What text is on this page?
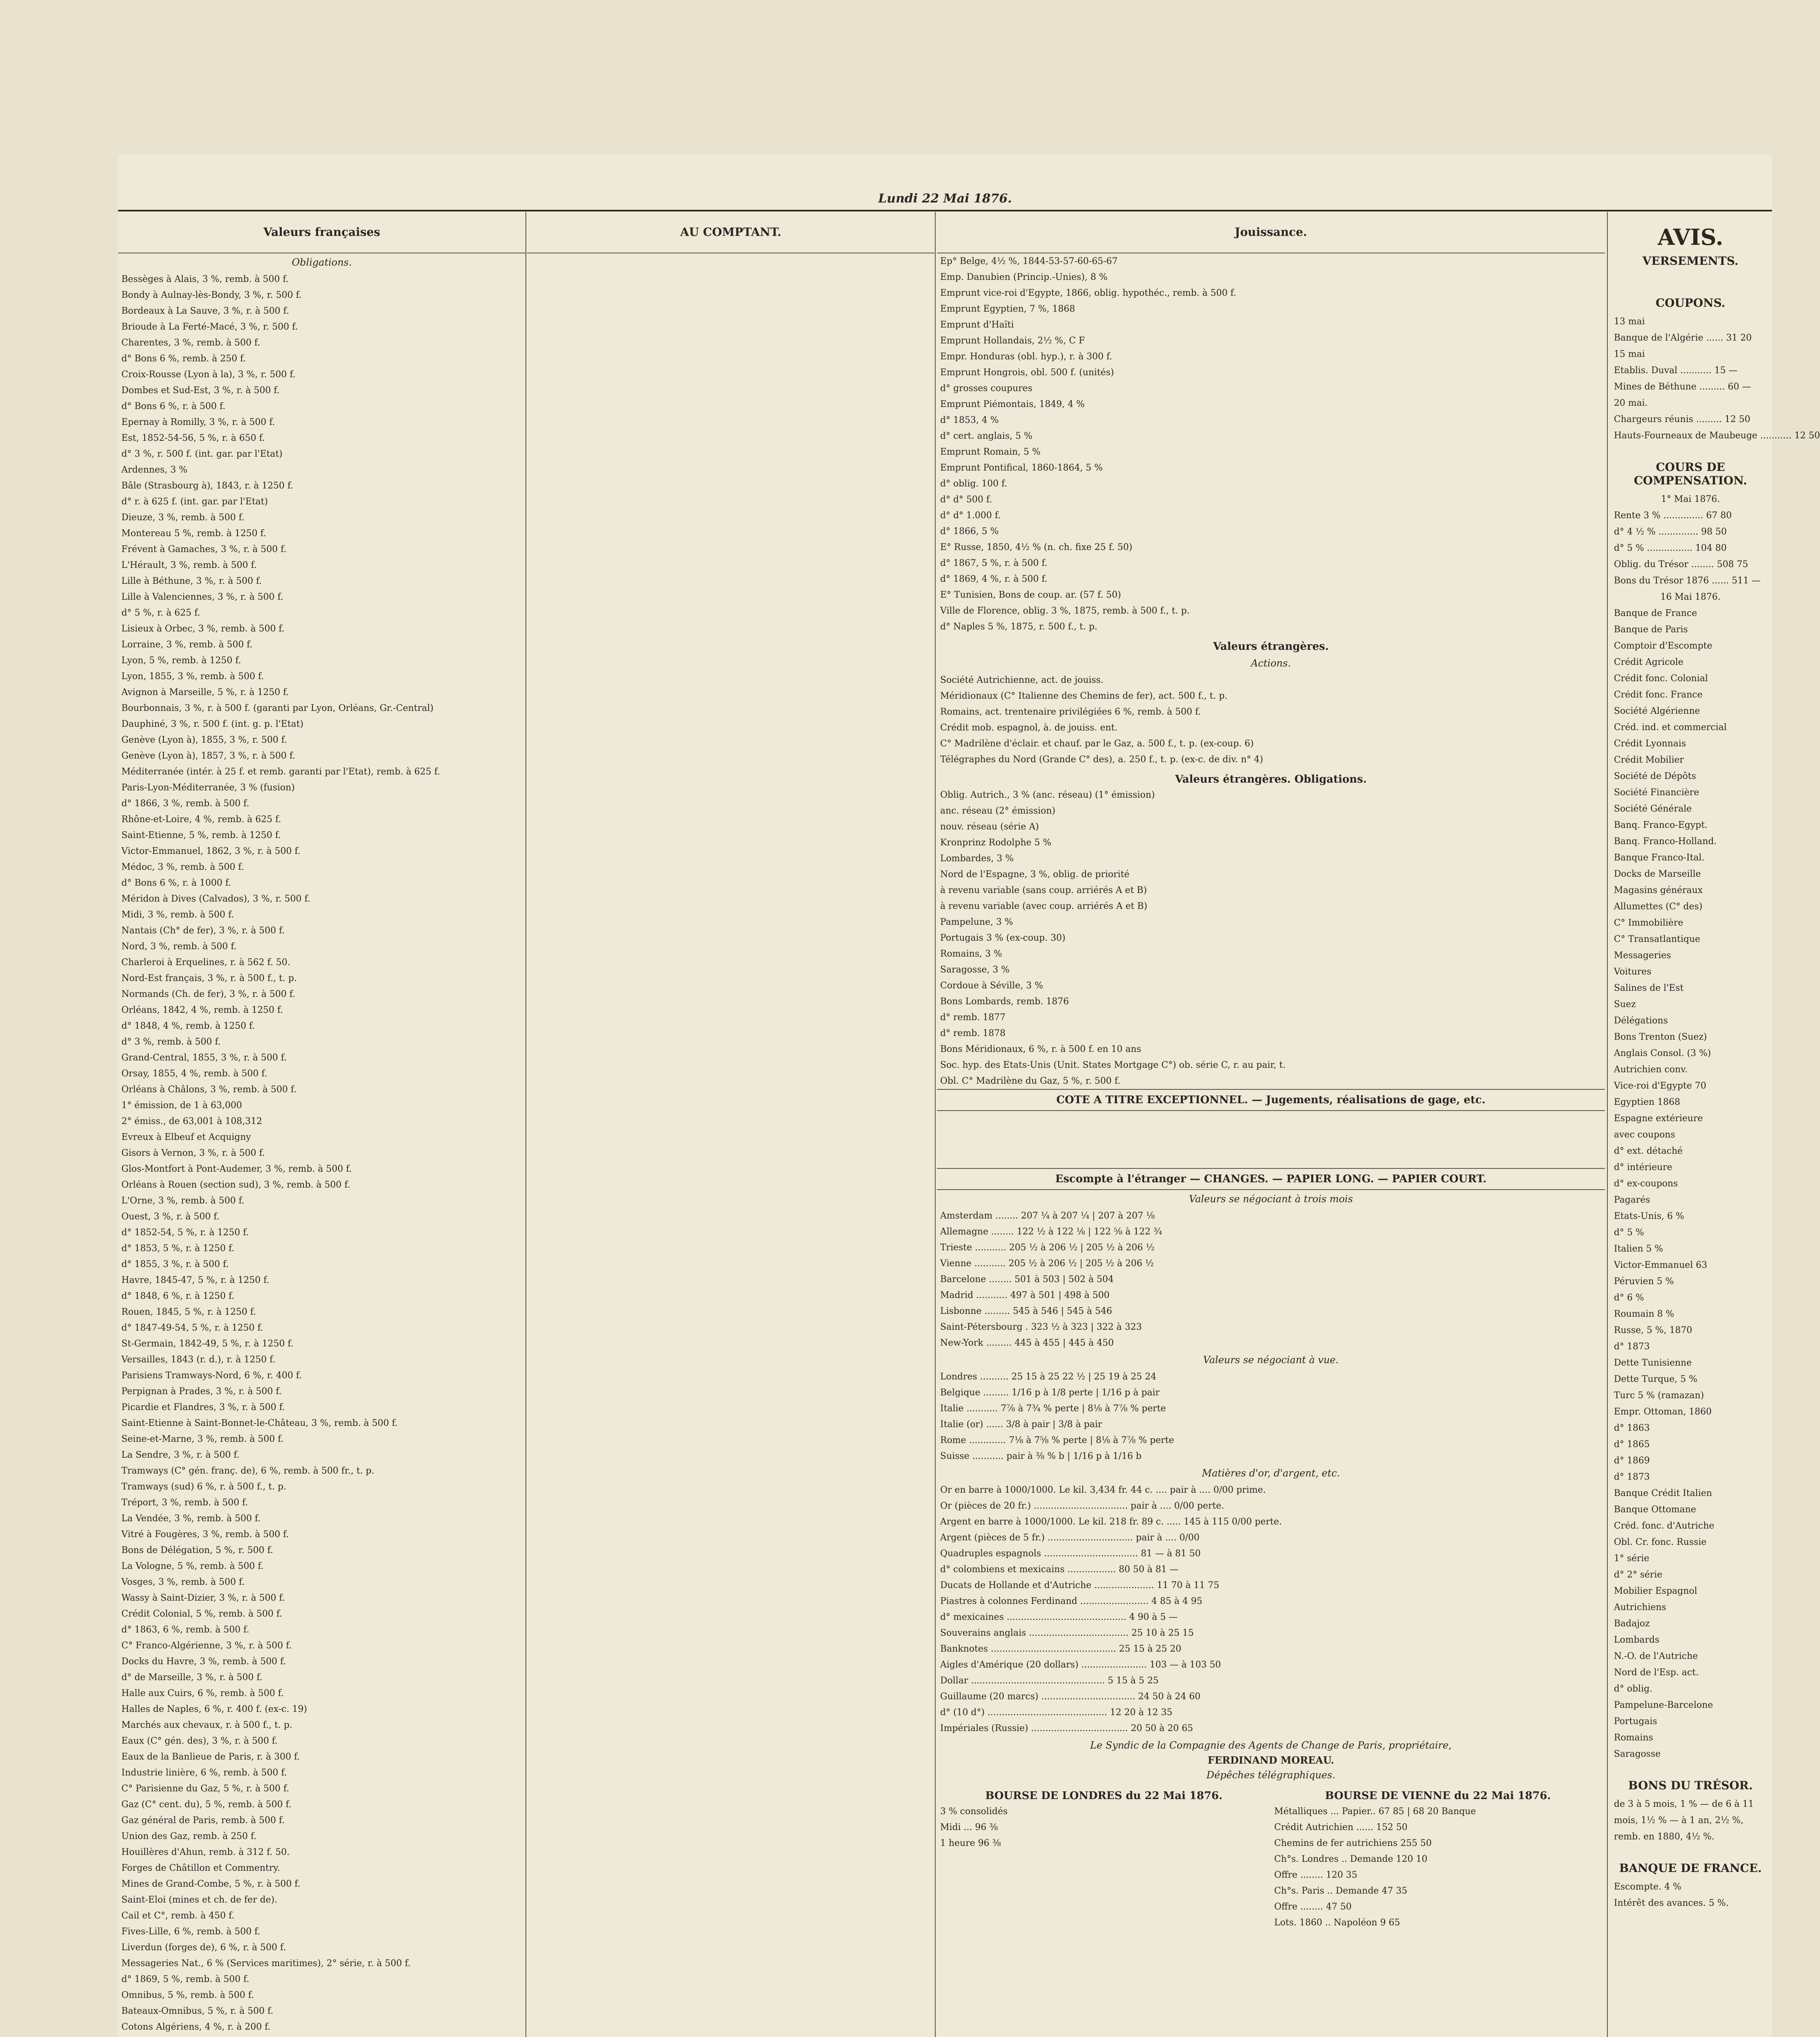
Lundi 22 Mai 1876.
Valeurs françaises
Obligations.
Bessèges à Alais, 3 %, remb. à 500 f.
Bondy à Aulnay-lès-Bondy, 3 %, r. 500 f.
Bordeaux à La Sauve, 3 %, r. à 500 f.
Brioude à La Ferté-Macé, 3 %, r. 500 f.
Charentes, 3 %, remb. à 500 f.
d° Bons 6 %, remb. à 250 f.
Croix-Rousse (Lyon à la), 3 %, r. 500 f.
Dombes et Sud-Est, 3 %, r. à 500 f.
d° Bons 6 %, r. à 500 f.
Epernay à Romilly, 3 %, r. à 500 f.
Est, 1852-54-56, 5 %, r. à 650 f.
d° 3 %, r. 500 f. (int. gar. par l'Etat)
Ardennes, 3 %
Bâle (Strasbourg à), 1843, r. à 1250 f.
d° r. à 625 f. (int. gar. par l'Etat)
Dieuze, 3 %, remb. à 500 f.
Montereau 5 %, remb. à 1250 f.
Frévent à Gamaches, 3 %, r. à 500 f.
L'Hérault, 3 %, remb. à 500 f.
Lille à Béthune, 3 %, r. à 500 f.
Lille à Valenciennes, 3 %, r. à 500 f.
d° 5 %, r. à 625 f.
Lisieux à Orbec, 3 %, remb. à 500 f.
Lorraine, 3 %, remb. à 500 f.
Lyon, 5 %, remb. à 1250 f.
Lyon, 1855, 3 %, remb. à 500 f.
Avignon à Marseille, 5 %, r. à 1250 f.
Bourbonnais, 3 %, r. à 500 f. (garanti par Lyon, Orléans, Gr.-Central)
Dauphiné, 3 %, r. 500 f. (int. g. p. l'Etat)
Genève (Lyon à), 1855, 3 %, r. 500 f.
Genève (Lyon à), 1857, 3 %, r. à 500 f.
Méditerranée (intér. à 25 f. et remb. garanti par l'Etat), remb. à 625 f.
Paris-Lyon-Méditerranée, 3 % (fusion)
d° 1866, 3 %, remb. à 500 f.
Rhône-et-Loire, 4 %, remb. à 625 f.
Saint-Etienne, 5 %, remb. à 1250 f.
Victor-Emmanuel, 1862, 3 %, r. à 500 f.
Médoc, 3 %, remb. à 500 f.
d° Bons 6 %, r. à 1000 f.
Méridon à Dives (Calvados), 3 %, r. 500 f.
Midi, 3 %, remb. à 500 f.
Nantais (Ch° de fer), 3 %, r. à 500 f.
Nord, 3 %, remb. à 500 f.
Charleroi à Erquelines, r. à 562 f. 50.
Nord-Est français, 3 %, r. à 500 f., t. p.
Normands (Ch. de fer), 3 %, r. à 500 f.
Orléans, 1842, 4 %, remb. à 1250 f.
d° 1848, 4 %, remb. à 1250 f.
d° 3 %, remb. à 500 f.
Grand-Central, 1855, 3 %, r. à 500 f.
Orsay, 1855, 4 %, remb. à 500 f.
Orléans à Châlons, 3 %, remb. à 500 f.
1° émission, de 1 à 63,000
2° émiss., de 63,001 à 108,312
Evreux à Elbeuf et Acquigny
Gisors à Vernon, 3 %, r. à 500 f.
Glos-Montfort à Pont-Audemer, 3 %, remb. à 500 f.
Orléans à Rouen (section sud), 3 %, remb. à 500 f.
L'Orne, 3 %, remb. à 500 f.
Ouest, 3 %, r. à 500 f.
d° 1852-54, 5 %, r. à 1250 f.
d° 1853, 5 %, r. à 1250 f.
d° 1855, 3 %, r. à 500 f.
Havre, 1845-47, 5 %, r. à 1250 f.
d° 1848, 6 %, r. à 1250 f.
Rouen, 1845, 5 %, r. à 1250 f.
d° 1847-49-54, 5 %, r. à 1250 f.
St-Germain, 1842-49, 5 %, r. à 1250 f.
Versailles, 1843 (r. d.), r. à 1250 f.
Parisiens Tramways-Nord, 6 %, r. 400 f.
Perpignan à Prades, 3 %, r. à 500 f.
Picardie et Flandres, 3 %, r. à 500 f.
Saint-Etienne à Saint-Bonnet-le-Château, 3 %, remb. à 500 f.
Seine-et-Marne, 3 %, remb. à 500 f.
La Sendre, 3 %, r. à 500 f.
Tramways (C° gén. franç. de), 6 %, remb. à 500 fr., t. p.
Tramways (sud) 6 %, r. à 500 f., t. p.
Tréport, 3 %, remb. à 500 f.
La Vendée, 3 %, remb. à 500 f.
Vitré à Fougères, 3 %, remb. à 500 f.
Bons de Délégation, 5 %, r. 500 f.
La Vologne, 5 %, remb. à 500 f.
Vosges, 3 %, remb. à 500 f.
Wassy à Saint-Dizier, 3 %, r. à 500 f.
Crédit Colonial, 5 %, remb. à 500 f.
d° 1863, 6 %, remb. à 500 f.
C° Franco-Algérienne, 3 %, r. à 500 f.
Docks du Havre, 3 %, remb. à 500 f.
d° de Marseille, 3 %, r. à 500 f.
Halle aux Cuirs, 6 %, remb. à 500 f.
Halles de Naples, 6 %, r. 400 f. (ex-c. 19)
Marchés aux chevaux, r. à 500 f., t. p.
Eaux (C° gén. des), 3 %, r. à 500 f.
Eaux de la Banlieue de Paris, r. à 300 f.
Industrie linière, 6 %, remb. à 500 f.
C° Parisienne du Gaz, 5 %, r. à 500 f.
Gaz (C° cent. du), 5 %, remb. à 500 f.
Gaz général de Paris, remb. à 500 f.
Union des Gaz, remb. à 250 f.
Houillères d'Ahun, remb. à 312 f. 50.
Forges de Châtillon et Commentry.
Mines de Grand-Combe, 5 %, r. à 500 f.
Saint-Eloi (mines et ch. de fer de).
Cail et C°, remb. à 450 f.
Fives-Lille, 6 %, remb. à 500 f.
Liverdun (forges de), 6 %, r. à 500 f.
Messageries Nat., 6 % (Services maritimes), 2° série, r. à 500 f.
d° 1869, 5 %, remb. à 500 f.
Omnibus, 5 %, remb. à 500 f.
Bateaux-Omnibus, 5 %, r. à 500 f.
Cotons Algériens, 4 %, r. à 200 f.
AU COMPTANT.	Jouissance.
Ep° Belge, 4½ %, 1844-53-57-60-65-67
Emp. Danubien (Princip.-Unies), 8 %
Emprunt vice-roi d'Egypte, 1866, oblig. hypothéc., remb. à 500 f.
Emprunt Egyptien, 7 %, 1868
Emprunt d'Haïti
Emprunt Hollandais, 2½ %, C F
Empr. Honduras (obl. hyp.), r. à 300 f.
Emprunt Hongrois, obl. 500 f. (unités)
d° grosses coupures
Emprunt Piémontais, 1849, 4 %
d° 1853, 4 %
d° cert. anglais, 5 %
Emprunt Romain, 5 %
Emprunt Pontifical, 1860-1864, 5 %
d° oblig. 100 f.
d° d° 500 f.
d° d° 1.000 f.
d° 1866, 5 %
E° Russe, 1850, 4½ % (n. ch. fixe 25 f. 50)
d° 1867, 5 %, r. à 500 f.
d° 1869, 4 %, r. à 500 f.
E° Tunisien, Bons de coup. ar. (57 f. 50)
Ville de Florence, oblig. 3 %, 1875, remb. à 500 f., t. p.
d° Naples 5 %, 1875, r. 500 f., t. p.
Valeurs étrangères.
Actions.
Société Autrichienne, act. de jouiss.
Méridionaux (C° Italienne des Chemins de fer), act. 500 f., t. p.
Romains, act. trentenaire privilégiées 6 %, remb. à 500 f.
Crédit mob. espagnol, à. de jouiss. ent.
C° Madrilène d'éclair. et chauf. par le Gaz, a. 500 f., t. p. (ex-coup. 6)
Télégraphes du Nord (Grande C° des), a. 250 f., t. p. (ex-c. de div. n° 4)
Valeurs étrangères. Obligations.
Oblig. Autrich., 3 % (anc. réseau) (1° émission)
anc. réseau (2° émission)
nouv. réseau (série A)
Kronprinz Rodolphe 5 %
Lombardes, 3 %
Nord de l'Espagne, 3 %, oblig. de priorité
à revenu variable (sans coup. arriérés A et B)
à revenu variable (avec coup. arriérés A et B)
Pampelune, 3 %
Portugais 3 % (ex-coup. 30)
Romains, 3 %
Saragosse, 3 %
Cordoue à Séville, 3 %
Bons Lombards, remb. 1876
d° remb. 1877
d° remb. 1878
Bons Méridionaux, 6 %, r. à 500 f. en 10 ans
Soc. hyp. des Etats-Unis (Unit. States Mortgage C°) ob. série C, r. au pair, t.
Obl. C° Madrilène du Gaz, 5 %, r. 500 f.
COTE A TITRE EXCEPTIONNEL. — Jugements, réalisations de gage, etc.
Escompte à l'étranger — CHANGES. — PAPIER LONG. — PAPIER COURT.
Valeurs se négociant à trois mois
Amsterdam ........ 207 ¼ à 207 ¼ | 207 à 207 ⅛
Allemagne ........ 122 ½ à 122 ⅛ | 122 ⅝ à 122 ¾
Trieste ........... 205 ½ à 206 ½ | 205 ½ à 206 ½
Vienne ........... 205 ½ à 206 ½ | 205 ½ à 206 ½
Barcelone ........ 501 à 503 | 502 à 504
Madrid ........... 497 à 501 | 498 à 500
Lisbonne ......... 545 à 546 | 545 à 546
Saint-Pétersbourg . 323 ½ à 323 | 322 à 323
New-York ......... 445 à 455 | 445 à 450
Valeurs se négociant à vue.
Londres .......... 25 15 à 25 22 ½ | 25 19 à 25 24
Belgique ......... 1/16 p à 1/8 perte | 1/16 p à pair
Italie ........... 7⅞ à 7¾ % perte | 8⅛ à 7⅞ % perte
Italie (or) ...... 3/8 à pair | 3/8 à pair
Rome ............. 7⅛ à 7⅝ % perte | 8⅛ à 7⅞ % perte
Suisse ........... pair à ⅜ % b | 1/16 p à 1/16 b
Matières d'or, d'argent, etc.
Or en barre à 1000/1000. Le kil. 3,434 fr. 44 c. .... pair à .... 0/00 prime.
Or (pièces de 20 fr.) ................................. pair à .... 0/00 perte.
Argent en barre à 1000/1000. Le kil. 218 fr. 89 c. ..... 145 à 115 0/00 perte.
Argent (pièces de 5 fr.) .............................. pair à .... 0/00
Quadruples espagnols ................................. 81 — à 81 50
d° colombiens et mexicains ................. 80 50 à 81 —
Ducats de Hollande et d'Autriche ..................... 11 70 à 11 75
Piastres à colonnes Ferdinand ........................ 4 85 à 4 95
d° mexicaines .......................................... 4 90 à 5 —
Souverains anglais ................................... 25 10 à 25 15
Banknotes ............................................ 25 15 à 25 20
Aigles d'Amérique (20 dollars) ....................... 103 — à 103 50
Dollar ............................................... 5 15 à 5 25
Guillaume (20 marcs) ................................. 24 50 à 24 60
d° (10 d°) .......................................... 12 20 à 12 35
Impériales (Russie) .................................. 20 50 à 20 65
Le Syndic de la Compagnie des Agents de Change de Paris, propriétaire,
FERDINAND MOREAU.
Dépêches télégraphiques.
BOURSE DE LONDRES du 22 Mai 1876.
3 % consolidés
Midi ... 96 ⅜
1 heure 96 ⅜
BOURSE DE VIENNE du 22 Mai 1876.
Métalliques ... Papier.. 67 85 | 68 20 Banque
Crédit Autrichien ...... 152 50
Chemins de fer autrichiens 255 50
Ch°s. Londres .. Demande 120 10
Offre ........ 120 35
Ch°s. Paris .. Demande 47 35
Offre ........ 47 50
Lots. 1860 .. Napoléon 9 65
AVIS.
VERSEMENTS.
COUPONS.
13 mai
Banque de l'Algérie ...... 31 20
15 mai
Etablis. Duval ........... 15 —
Mines de Béthune ......... 60 —
20 mai.
Chargeurs réunis ......... 12 50
Hauts-Fourneaux de Maubeuge ........... 12 50
COURS DE COMPENSATION.
1° Mai 1876.
Rente 3 % .............. 67 80
d° 4 ½ % .............. 98 50
d° 5 % ................ 104 80
Oblig. du Trésor ........ 508 75
Bons du Trésor 1876 ...... 511 —
16 Mai 1876.
Banque de France
Banque de Paris
Comptoir d'Escompte
Crédit Agricole
Crédit fonc. Colonial
Crédit fonc. France
Société Algérienne
Créd. ind. et commercial
Crédit Lyonnais
Crédit Mobilier
Société de Dépôts
Société Financière
Société Générale
Banq. Franco-Egypt.
Banq. Franco-Holland.
Banque Franco-Ital.
Docks de Marseille
Magasins généraux
Allumettes (C° des)
C° Immobilière
C° Transatlantique
Messageries
Voitures
Salines de l'Est
Suez
Délégations
Bons Trenton (Suez)
Anglais Consol. (3 %)
Autrichien conv.
Vice-roi d'Egypte 70
Egyptien 1868
Espagne extérieure
avec coupons
d° ext. détaché
d° intérieure
d° ex-coupons
Pagarés
Etats-Unis, 6 %
d° 5 %
Italien 5 %
Victor-Emmanuel 63
Péruvien 5 %
d° 6 %
Roumain 8 %
Russe, 5 %, 1870
d° 1873
Dette Tunisienne
Dette Turque, 5 %
Turc 5 % (ramazan)
Empr. Ottoman, 1860
d° 1863
d° 1865
d° 1869
d° 1873
Banque Crédit Italien
Banque Ottomane
Créd. fonc. d'Autriche
Obl. Cr. fonc. Russie
1° série
d° 2° série
Mobilier Espagnol
Autrichiens
Badajoz
Lombards
N.-O. de l'Autriche
Nord de l'Esp. act.
d° oblig.
Pampelune-Barcelone
Portugais
Romains
Saragosse
BONS DU TRÉSOR.
de 3 à 5 mois, 1 % — de 6 à 11 mois, 1½ % — à 1 an, 2½ %, remb. en 1880, 4½ %.
BANQUE DE FRANCE.
Escompte. 4 %
Intérêt des avances. 5 %.
